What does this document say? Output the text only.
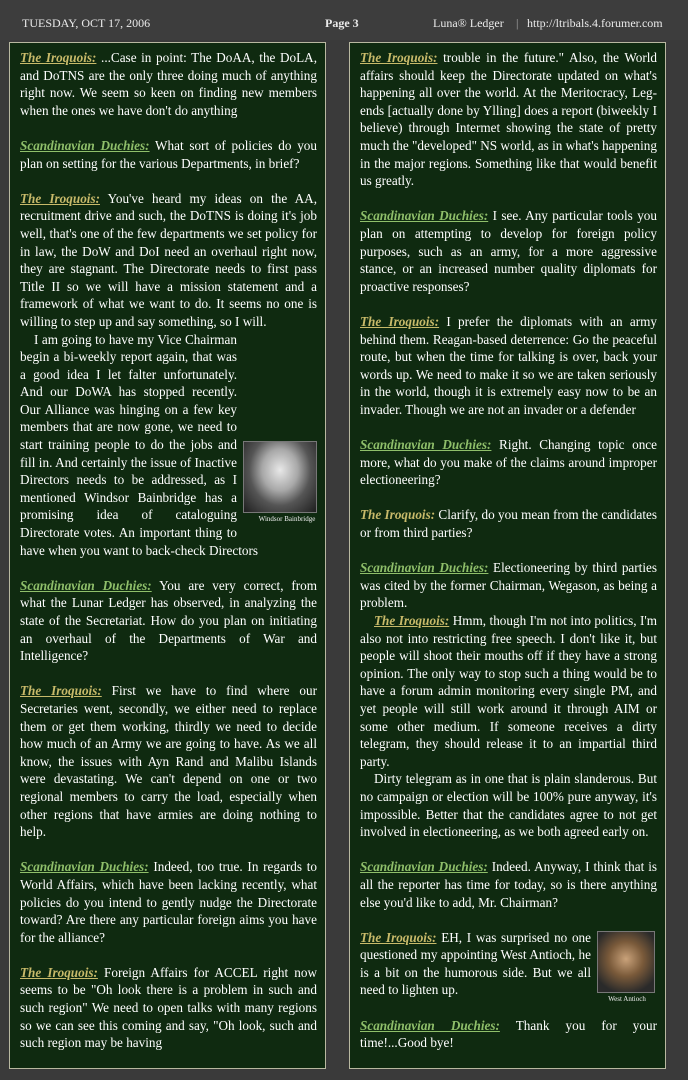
TUESDAY, OCT 17, 2006	Page 3	Luna® Ledger | http://ltribals.4.forumer.com

The Iroquois: ...Case in point: The DoAA, the DoLA, and DoTNS are the only three doing much of anything right now. We seem so keen on finding new members when the ones we have don't do anything

Scandinavian Duchies: What sort of policies do you plan on setting for the various Departments, in brief?

The Iroquois: You've heard my ideas on the AA, recruitment drive and such, the DoTNS is doing it's job well, that's one of the few departments we set policy for in law, the DoW and DoI need an overhaul right now, they are stagnant. The Directorate needs to first pass Title II so we will have a mission statement and a framework of what we want to do. It seems no one is willing to step up and say something, so I will.

Windsor Bainbridge
I am going to have my Vice Chairman begin a bi-weekly report again, that was a good idea I let falter unfortunately. And our DoWA has stopped recently. Our Alliance was hinging on a few key members that are now gone, we need to start training people to do the jobs and fill in. And certainly the issue of Inactive Directors needs to be addressed, as I mentioned Windsor Bainbridge has a promising idea of cataloguing Directorate votes. An important thing to have when you want to back-check Directors

Scandinavian Duchies: You are very correct, from what the Lunar Ledger has observed, in analyzing the state of the Secretariat. How do you plan on initiating an overhaul of the Departments of War and Intelligence?

The Iroquois: First we have to find where our Secretaries went, secondly, we either need to replace them or get them working, thirdly we need to decide how much of an Army we are going to have. As we all know, the issues with Ayn Rand and Malibu Islands were devastating. We can't depend on one or two regional members to carry the load, especially when other regions that have armies are doing nothing to help.

Scandinavian Duchies: Indeed, too true. In regards to World Affairs, which have been lacking recently, what policies do you intend to gently nudge the Directorate toward? Are there any particular foreign aims you have for the alliance?

The Iroquois: Foreign Affairs for ACCEL right now seems to be "Oh look there is a problem in such and such region" We need to open talks with many regions so we can see this coming and say, "Oh look, such and such region may be having

The Iroquois: trouble in the future." Also, the World affairs should keep the Directorate updated on what's happening all over the world. At the Meritocracy, Leg-ends [actually done by Ylling] does a report (biweekly I believe) through Intermet showing the state of pretty much the "developed" NS world, as in what's happening in the major regions. Something like that would benefit us greatly.

Scandinavian Duchies: I see. Any particular tools you plan on attempting to develop for foreign policy purposes, such as an army, for a more aggressive stance, or an increased number quality diplomats for proactive responses?

The Iroquois: I prefer the diplomats with an army behind them. Reagan-based deterrence: Go the peaceful route, but when the time for talking is over, back your words up. We need to make it so we are taken seriously in the world, though it is extremely easy now to be an invader. Though we are not an invader or a defender

Scandinavian Duchies: Right. Changing topic once more, what do you make of the claims around improper electioneering?

The Iroquois: Clarify, do you mean from the candidates or from third parties?

Scandinavian Duchies: Electioneering by third parties was cited by the former Chairman, Wegason, as being a problem.

The Iroquois: Hmm, though I'm not into politics, I'm also not into restricting free speech. I don't like it, but people will shoot their mouths off if they have a strong opinion. The only way to stop such a thing would be to have a forum admin monitoring every single PM, and yet people will still work around it through AIM or some other medium. If someone receives a dirty telegram, they should release it to an impartial third party.

Dirty telegram as in one that is plain slanderous. But no campaign or election will be 100% pure anyway, it's impossible. Better that the candidates agree to not get involved in electioneering, as we both agreed early on.

Scandinavian Duchies: Indeed. Anyway, I think that is all the reporter has time for today, so is there anything else you'd like to add, Mr. Chairman?

West Antioch
The Iroquois: EH, I was surprised no one questioned my appointing West Antioch, he is a bit on the humorous side. But we all need to lighten up.

Scandinavian Duchies: Thank you for your time!...Good bye!
